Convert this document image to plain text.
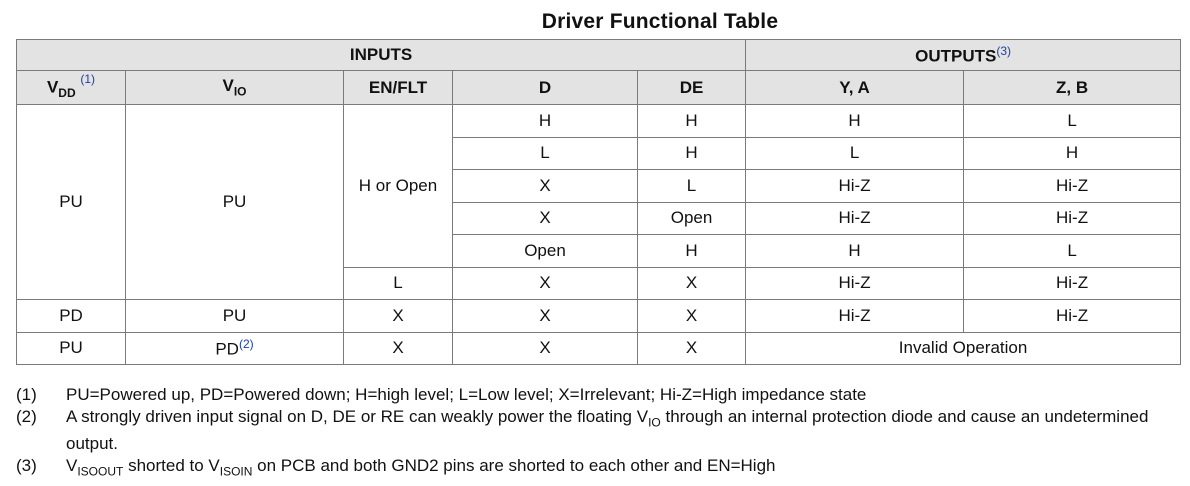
Driver Functional Table
INPUTS					OUTPUTS$^{(3)}$
$V_{DD}$ $^{(1)}$	$V_{IO}$	EN/FLT	D	DE	Y, A	Z, B
PU	PU	H or Open	H	H	H	L
			L	H	L	H
			X	L	Hi-Z	Hi-Z
			X	Open	Hi-Z	Hi-Z
			Open	H	H	L
		L	X	X	Hi-Z	Hi-Z
PD	PU	X	X	X	Hi-Z	Hi-Z
PU	PD$^{(2)}$	X	X	X	Invalid Operation	
(1)	PU=Powered up, PD=Powered down; H=high level; L=Low level; X=Irrelevant; Hi-Z=High impedance state
(2)	A strongly driven input signal on D, DE or RE can weakly power the floating $V_{IO}$ through an internal protection diode and cause an undetermined output.
(3)	$V_{ISOOUT}$ shorted to $V_{ISOIN}$ on PCB and both GND2 pins are shorted to each other and EN=High
